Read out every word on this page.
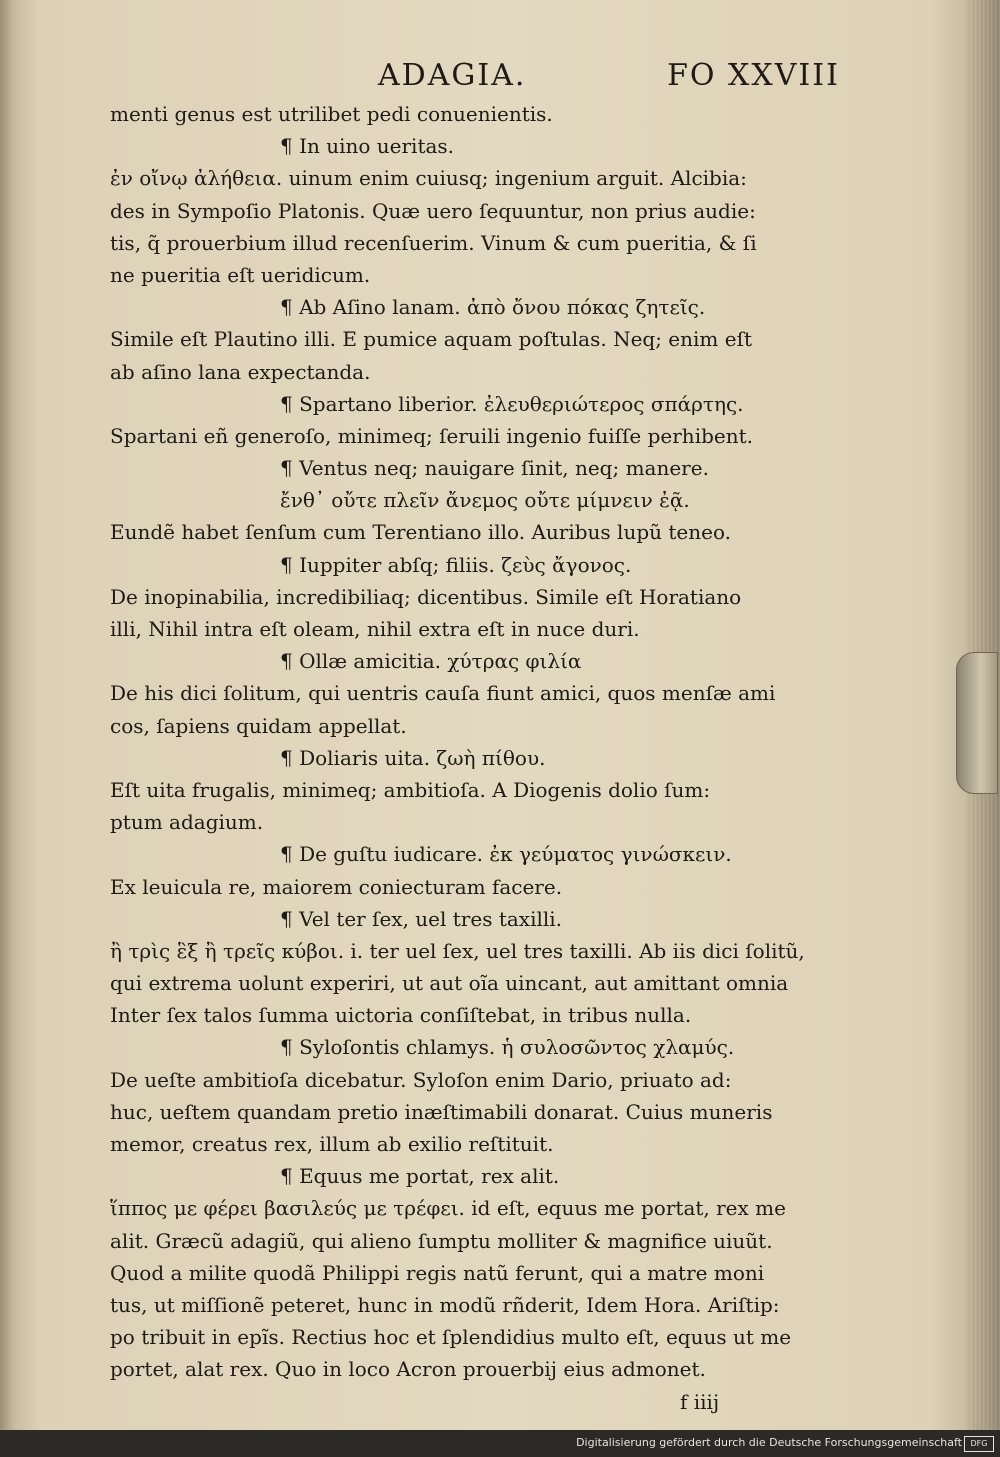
ADAGIA.	FO XXVIII
menti genus est utrilibet pedi conuenientis.
¶ In uino ueritas.
ἐν οἴνῳ ἀλήθεια. uinum enim cuiusq; ingenium arguit. Alcibia:
des in Sympoſio Platonis. Quæ uero ſequuntur, non prius audie:
tis, q̃ prouerbium illud recenſuerim. Vinum & cum pueritia, & ſi
ne pueritia eſt ueridicum.
¶ Ab Aſino lanam. ἀπὸ ὄνου πόκας ζητεῖς.
Simile eſt Plautino illi. E pumice aquam poſtulas. Neq; enim eſt
ab aſino lana expectanda.
¶ Spartano liberior. ἐλευθεριώτερος σπάρτης.
Spartani eñ generoſo, minimeq; ſeruili ingenio fuiſſe perhibent.
¶ Ventus neq; nauigare ſinit, neq; manere.
ἔνθ᾽ οὔτε πλεῖν ἄνεμος οὔτε μίμνειν ἐᾷ.
Eundẽ habet ſenſum cum Terentiano illo. Auribus lupũ teneo.
¶ Iuppiter abſq; filiis. ζεὺς ἄγονος.
De inopinabilia, incredibiliaq; dicentibus. Simile eſt Horatiano
illi, Nihil intra eſt oleam, nihil extra eſt in nuce duri.
¶ Ollæ amicitia. χύτρας φιλία
De his dici ſolitum, qui uentris cauſa fiunt amici, quos menſæ ami
cos, ſapiens quidam appellat.
¶ Doliaris uita. ζωὴ πίθου.
Eſt uita frugalis, minimeq; ambitioſa. A Diogenis dolio ſum:
ptum adagium.
¶ De guſtu iudicare. ἐκ γεύματος γινώσκειν.
Ex leuicula re, maiorem coniecturam facere.
¶ Vel ter ſex, uel tres taxilli.
ἢ τρὶς ἓξ ἢ τρεῖς κύβοι. i. ter uel ſex, uel tres taxilli. Ab iis dici ſolitũ,
qui extrema uolunt experiri, ut aut oĩa uincant, aut amittant omnia
Inter ſex talos ſumma uictoria conſiſtebat, in tribus nulla.
¶ Syloſontis chlamys. ἡ συλοσῶντος χλαμύς.
De ueſte ambitioſa dicebatur. Syloſon enim Dario, priuato ad:
huc, ueſtem quandam pretio inæſtimabili donarat. Cuius muneris
memor, creatus rex, illum ab exilio reſtituit.
¶ Equus me portat, rex alit.
ἵππος με φέρει βασιλεύς με τρέφει. id eſt, equus me portat, rex me
alit. Græcũ adagiũ, qui alieno ſumptu molliter & magnifice uiuũt.
Quod a milite quodã Philippi regis natũ ferunt, qui a matre moni
tus, ut miſſionẽ peteret, hunc in modũ rñderit, Idem Hora. Ariſtip:
po tribuit in epĩs. Rectius hoc et ſplendidius multo eſt, equus ut me
portet, alat rex. Quo in loco Acron prouerbij eius admonet.
f iiij
Digitalisierung gefördert durch die Deutsche Forschungsgemeinschaft	DFG
